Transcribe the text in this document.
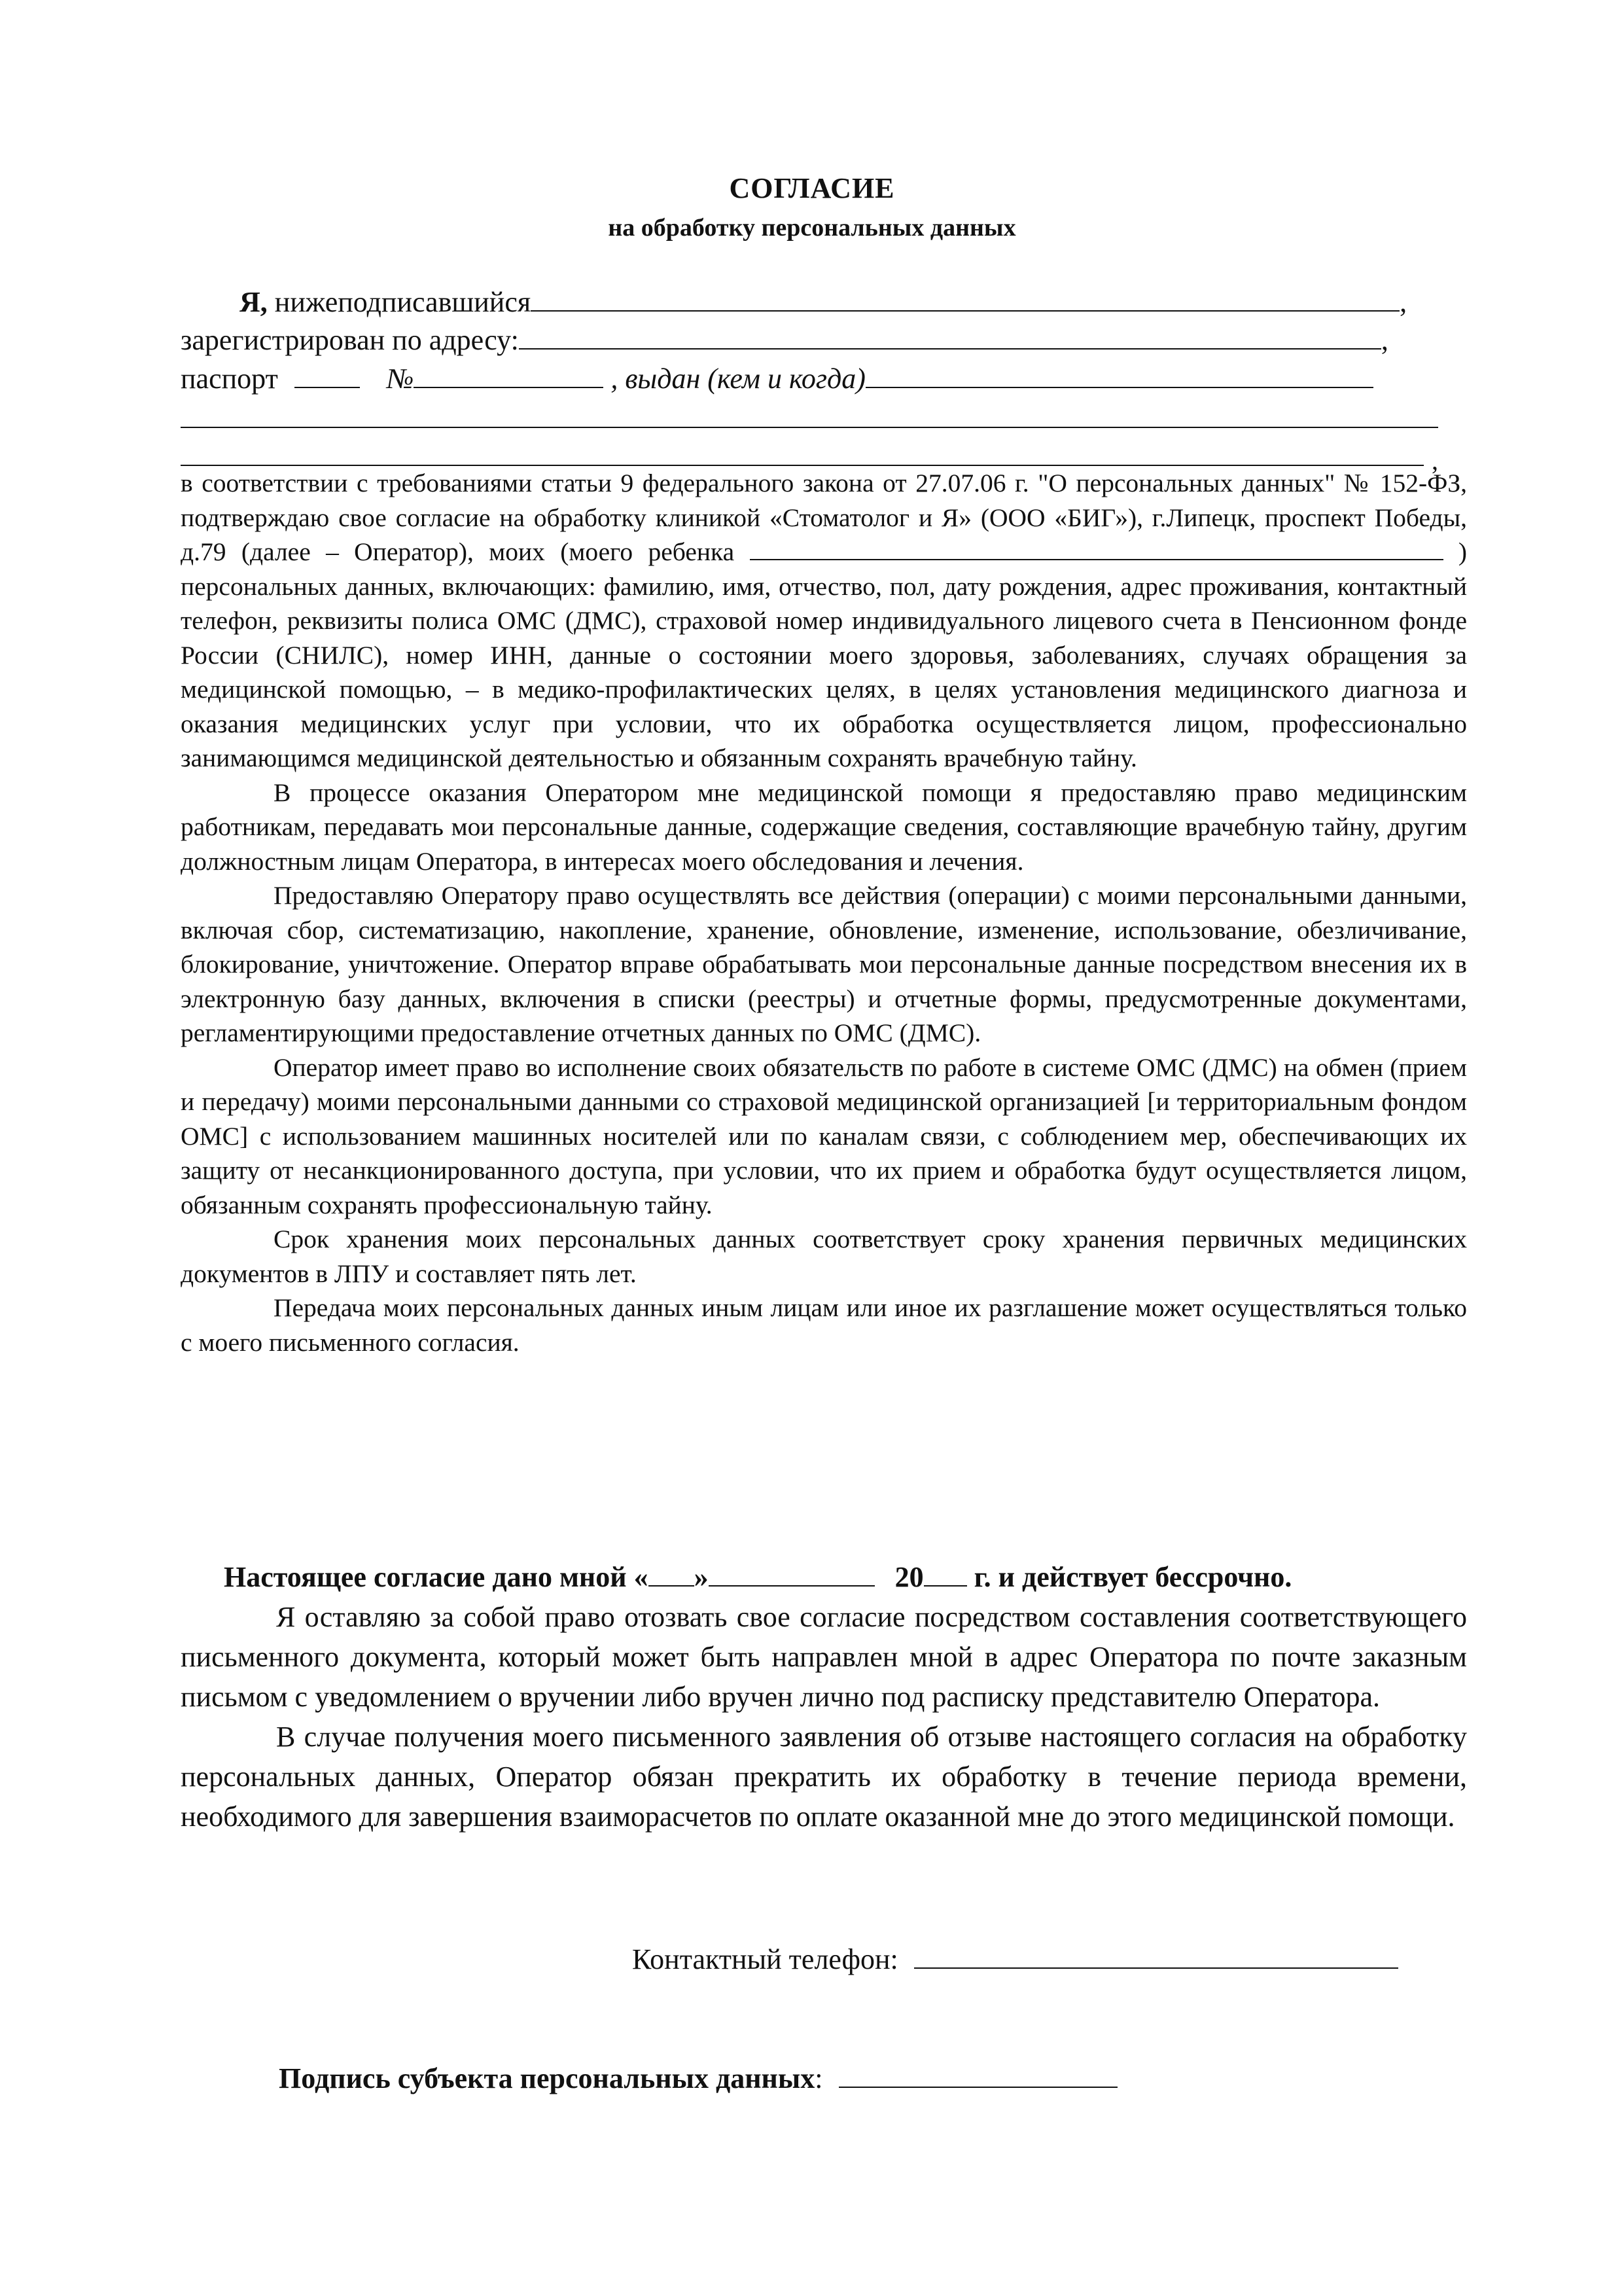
СОГЛАСИЕ
на обработку персональных данных
Я, нижеподписавшийся	,
зарегистрирован по адресу:	,
паспорт	№	, выдан (кем и когда)
,

в соответствии с требованиями статьи 9 федерального закона от 27.07.06 г. "О персональных данных" № 152-ФЗ, подтверждаю свое согласие на обработку клиникой «Стоматолог и Я» (ООО «БИГ»), г.Липецк, проспект Победы, д.79 (далее – Оператор), моих (моего ребенка	) персональных данных, включающих: фамилию, имя, отчество, пол, дату рождения, адрес проживания, контактный телефон, реквизиты полиса ОМС (ДМС), страховой номер индивидуального лицевого счета в Пенсионном фонде России (СНИЛС), номер ИНН, данные о состоянии моего здоровья, заболеваниях, случаях обращения за медицинской помощью, – в медико-профилактических целях, в целях установления медицинского диагноза и оказания медицинских услуг при условии, что их обработка осуществляется лицом, профессионально занимающимся медицинской деятельностью и обязанным сохранять врачебную тайну.

В процессе оказания Оператором мне медицинской помощи я предоставляю право медицинским работникам, передавать мои персональные данные, содержащие сведения, составляющие врачебную тайну, другим должностным лицам Оператора, в интересах моего обследования и лечения.

Предоставляю Оператору право осуществлять все действия (операции) с моими персональными данными, включая сбор, систематизацию, накопление, хранение, обновление, изменение, использование, обезличивание, блокирование, уничтожение. Оператор вправе обрабатывать мои персональные данные посредством внесения их в электронную базу данных, включения в списки (реестры) и отчетные формы, предусмотренные документами, регламентирующими предоставление отчетных данных по ОМС (ДМС).

Оператор имеет право во исполнение своих обязательств по работе в системе ОМС (ДМС) на обмен (прием и передачу) моими персональными данными со страховой медицинской организацией [и территориальным фондом ОМС] с использованием машинных носителей или по каналам связи, с соблюдением мер, обеспечивающих их защиту от несанкционированного доступа, при условии, что их прием и обработка будут осуществляется лицом, обязанным сохранять профессиональную тайну.

Срок хранения моих персональных данных соответствует сроку хранения первичных медицинских документов в ЛПУ и составляет пять лет.

Передача моих персональных данных иным лицам или иное их разглашение может осуществляться только с моего письменного согласия.

Настоящее согласие дано мной « »	20 г. и действует бессрочно.

Я оставляю за собой право отозвать свое согласие посредством составления соответствующего письменного документа, который может быть направлен мной в адрес Оператора по почте заказным письмом с уведомлением о вручении либо вручен лично под расписку представителю Оператора.

В случае получения моего письменного заявления об отзыве настоящего согласия на обработку персональных данных, Оператор обязан прекратить их обработку в течение периода времени, необходимого для завершения взаиморасчетов по оплате оказанной мне до этого медицинской помощи.

Контактный телефон:
Подпись субъекта персональных данных:
